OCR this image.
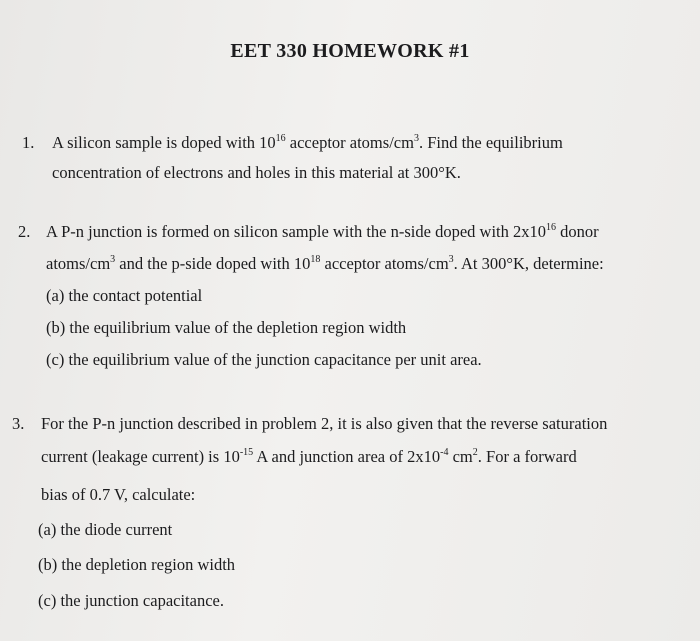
EET 330 HOMEWORK #1
1. A silicon sample is doped with $10^{16}$ acceptor atoms/$cm^3$. Find the equilibrium
concentration of electrons and holes in this material at 300°K.
2. A P-n junction is formed on silicon sample with the n-side doped with $2x10^{16}$ donor
atoms/$cm^3$ and the p-side doped with $10^{18}$ acceptor atoms/$cm^3$. At 300°K, determine:
(a) the contact potential
(b) the equilibrium value of the depletion region width
(c) the equilibrium value of the junction capacitance per unit area.
3. For the P-n junction described in problem 2, it is also given that the reverse saturation
current (leakage current) is $10^{-15}$ A and junction area of $2x10^{-4}$ $cm^2$. For a forward
bias of 0.7 V, calculate:
(a) the diode current
(b) the depletion region width
(c) the junction capacitance.
